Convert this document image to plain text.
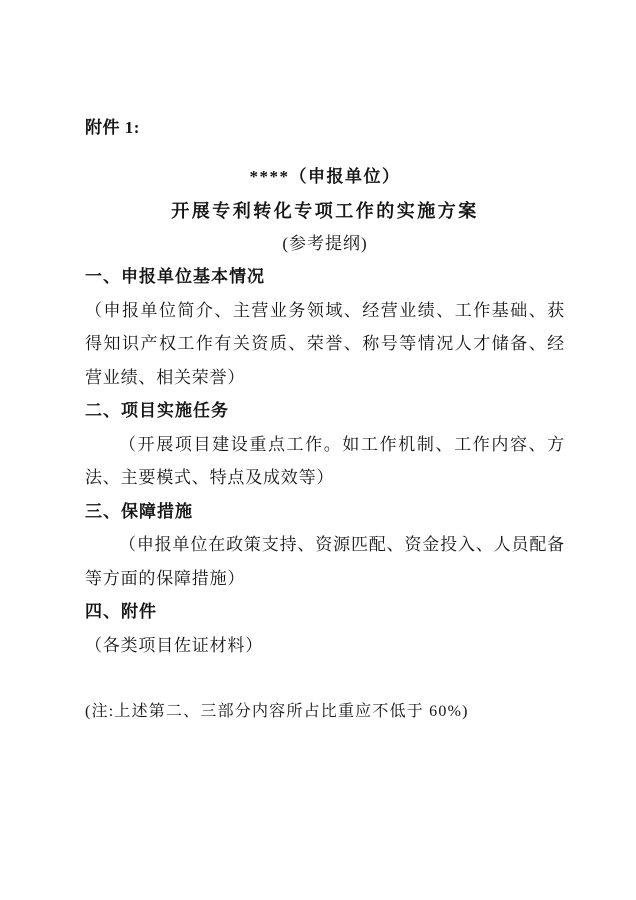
附件 1:
****（申报单位）
开展专利转化专项工作的实施方案
(参考提纲)
一、申报单位基本情况
（申报单位简介、主营业务领域、经营业绩、工作基础、获得知识产权工作有关资质、荣誉、称号等情况人才储备、经营业绩、相关荣誉）
二、项目实施任务
（开展项目建设重点工作。如工作机制、工作内容、方法、主要模式、特点及成效等）
三、保障措施
（申报单位在政策支持、资源匹配、资金投入、人员配备等方面的保障措施）
四、附件
（各类项目佐证材料）
(注:上述第二、三部分内容所占比重应不低于 60%)
